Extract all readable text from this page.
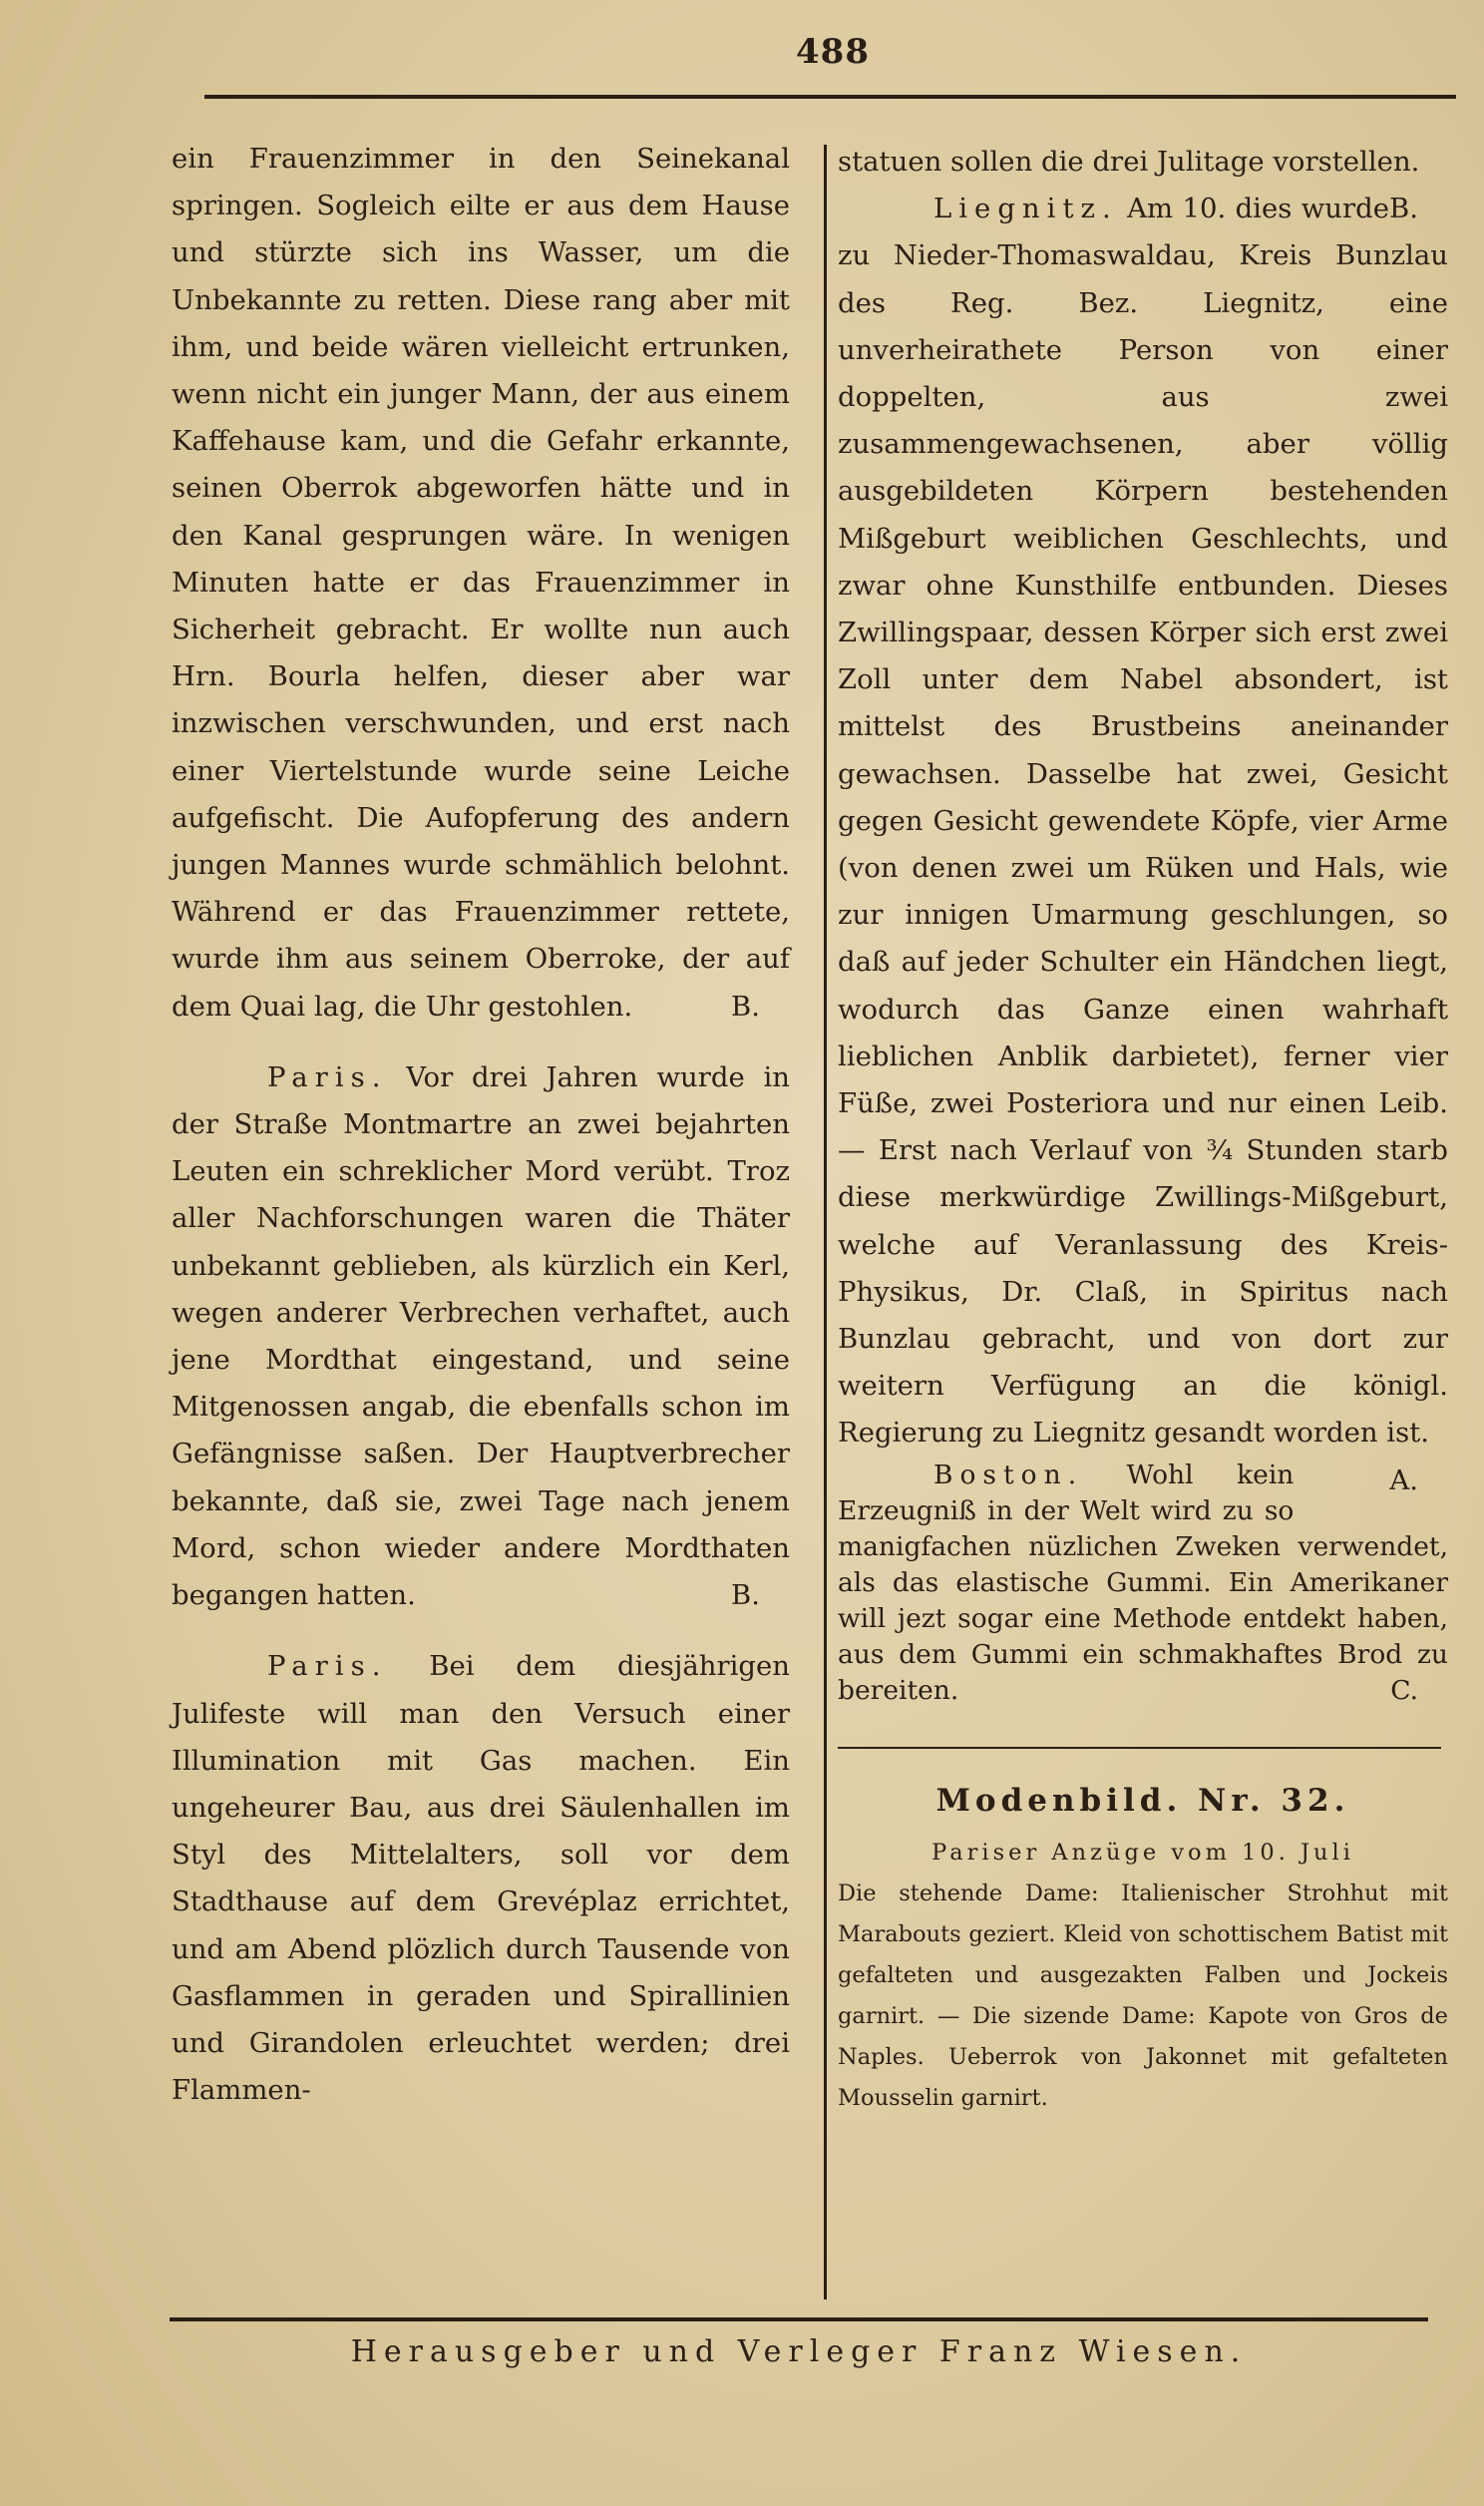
488

ein Frauenzimmer in den Seinekanal springen. Sogleich eilte er aus dem Hause und stürzte sich ins Wasser, um die Unbekannte zu retten. Diese rang aber mit ihm, und beide wären vielleicht ertrunken, wenn nicht ein junger Mann, der aus einem Kaffehause kam, und die Gefahr erkannte, seinen Oberrok abgeworfen hätte und in den Kanal gesprungen wäre. In wenigen Minuten hatte er das Frauenzimmer in Sicherheit gebracht. Er wollte nun auch Hrn. Bourla helfen, dieser aber war inzwischen verschwunden, und erst nach einer Viertelstunde wurde seine Leiche aufgefischt. Die Aufopferung des andern jungen Mannes wurde schmählich belohnt. Während er das Frauenzimmer rettete, wurde ihm aus seinem Oberroke, der auf dem Quai lag, die Uhr gestohlen.	B.

Paris. Vor drei Jahren wurde in der Straße Montmartre an zwei bejahrten Leuten ein schreklicher Mord verübt. Troz aller Nachforschungen waren die Thäter unbekannt geblieben, als kürzlich ein Kerl, wegen anderer Verbrechen verhaftet, auch jene Mordthat eingestand, und seine Mitgenossen angab, die ebenfalls schon im Gefängnisse saßen. Der Hauptverbrecher bekannte, daß sie, zwei Tage nach jenem Mord, schon wieder andere Mordthaten begangen hatten.	B.

Paris. Bei dem diesjährigen Julifeste will man den Versuch einer Illumination mit Gas machen. Ein ungeheurer Bau, aus drei Säulenhallen im Styl des Mittelalters, soll vor dem Stadthause auf dem Grevéplaz errichtet, und am Abend plözlich durch Tausende von Gasflammen in geraden und Spirallinien und Girandolen erleuchtet werden; drei Flammen-

statuen sollen die drei Julitage vorstellen.
B.

Liegnitz. Am 10. dies wurde zu Nieder-Thomaswaldau, Kreis Bunzlau des Reg. Bez. Liegnitz, eine unverheirathete Person von einer doppelten, aus zwei zusammengewachsenen, aber völlig ausgebildeten Körpern bestehenden Mißgeburt weiblichen Geschlechts, und zwar ohne Kunsthilfe entbunden. Dieses Zwillingspaar, dessen Körper sich erst zwei Zoll unter dem Nabel absondert, ist mittelst des Brustbeins aneinander gewachsen. Dasselbe hat zwei, Gesicht gegen Gesicht gewendete Köpfe, vier Arme (von denen zwei um Rüken und Hals, wie zur innigen Umarmung geschlungen, so daß auf jeder Schulter ein Händchen liegt, wodurch das Ganze einen wahrhaft lieblichen Anblik darbietet), ferner vier Füße, zwei Posteriora und nur einen Leib. — Erst nach Verlauf von ¾ Stunden starb diese merkwürdige Zwillings-Mißgeburt, welche auf Veranlassung des Kreis-Physikus, Dr. Claß, in Spiritus nach Bunzlau gebracht, und von dort zur weitern Verfügung an die königl. Regierung zu Liegnitz gesandt worden ist.
A.

Boston. Wohl kein Erzeugniß in der Welt wird zu so manigfachen nüzlichen Zweken verwendet, als das elastische Gummi. Ein Amerikaner will jezt sogar eine Methode entdekt haben, aus dem Gummi ein schmakhaftes Brod zu bereiten.	C.

Modenbild. Nr. 32.
Pariser Anzüge vom 10. Juli
Die stehende Dame: Italienischer Strohhut mit Marabouts geziert. Kleid von schottischem Batist mit gefalteten und ausgezakten Falben und Jockeis garnirt. — Die sizende Dame: Kapote von Gros de Naples. Ueberrok von Jakonnet mit gefalteten Mousselin garnirt.
Herausgeber und Verleger Franz Wiesen.
